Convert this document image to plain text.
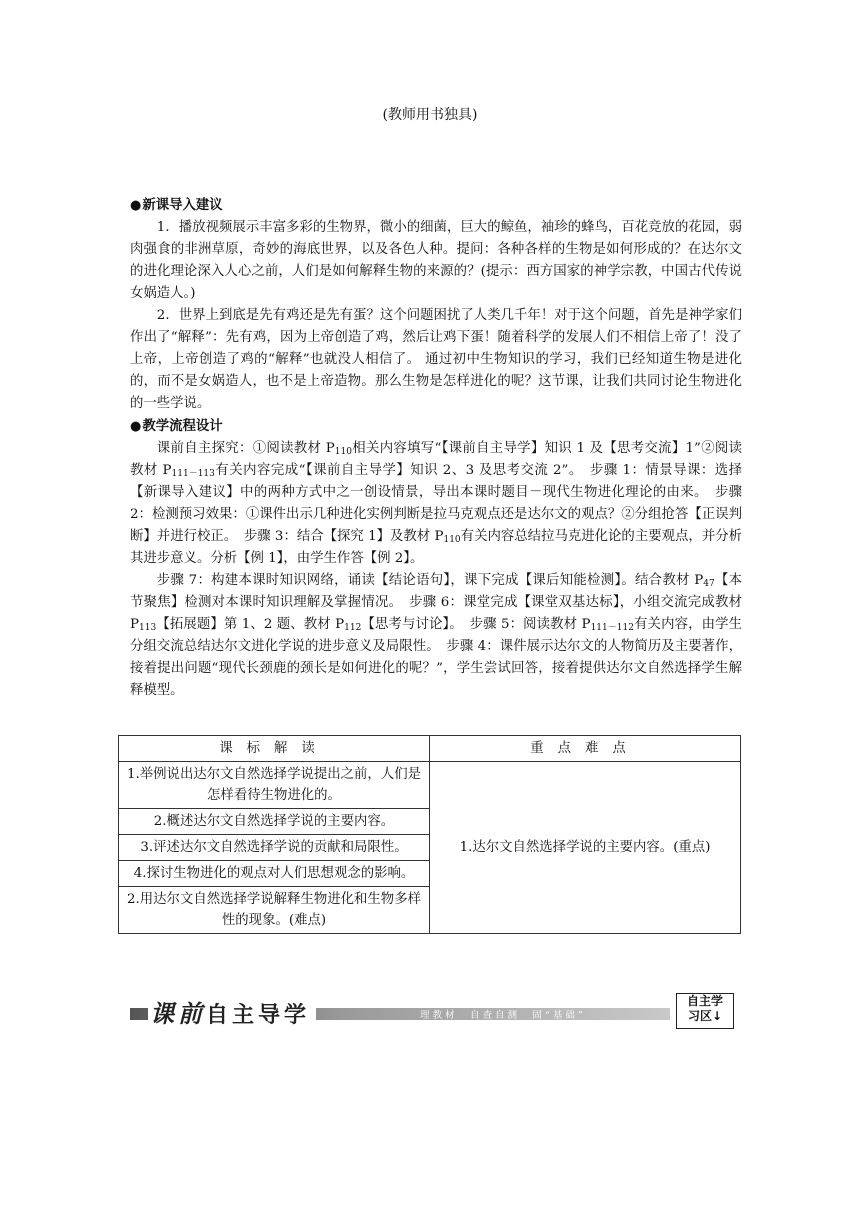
(教师用书独具)
●新课导入建议

1．播放视频展示丰富多彩的生物界，微小的细菌，巨大的鲸鱼，袖珍的蜂鸟，百花竞放的花园，弱肉强食的非洲草原，奇妙的海底世界，以及各色人种。提问：各种各样的生物是如何形成的？在达尔文的进化理论深入人心之前，人们是如何解释生物的来源的？(提示：西方国家的神学宗教，中国古代传说女娲造人。)

2．世界上到底是先有鸡还是先有蛋？这个问题困扰了人类几千年！对于这个问题，首先是神学家们作出了“解释”：先有鸡，因为上帝创造了鸡，然后让鸡下蛋！随着科学的发展人们不相信上帝了！没了上帝，上帝创造了鸡的“解释”也就没人相信了。 通过初中生物知识的学习，我们已经知道生物是进化的，而不是女娲造人，也不是上帝造物。那么生物是怎样进化的呢？这节课，让我们共同讨论生物进化的一些学说。

●教学流程设计

课前自主探究：①阅读教材 $P_{110}$相关内容填写“【课前自主导学】知识 1 及【思考交流】1”②阅读教材 $P_{111-113}$有关内容完成“【课前自主导学】知识 2、3 及思考交流 2”。　步骤 1：情景导课：选择【新课导入建议】中的两种方式中之一创设情景，导出本课时题目－现代生物进化理论的由来。　步骤 2：检测预习效果：①课件出示几种进化实例判断是拉马克观点还是达尔文的观点？②分组抢答【正误判断】并进行校正。　步骤 3：结合【探究 1】及教材 $P_{110}$有关内容总结拉马克进化论的主要观点，并分析其进步意义。分析【例 1】，由学生作答【例 2】。

步骤 7：构建本课时知识网络，诵读【结论语句】，课下完成【课后知能检测】。结合教材 $P_{47}$【本节聚焦】检测对本课时知识理解及掌握情况。　步骤 6：课堂完成【课堂双基达标】，小组交流完成教材 $P_{113}$【拓展题】第 1、2 题、教材 $P_{112}$【思考与讨论】。　步骤 5：阅读教材 $P_{111-112}$有关内容，由学生分组交流总结达尔文进化学说的进步意义及局限性。　步骤 4：课件展示达尔文的人物简历及主要著作，接着提出问题“现代长颈鹿的颈长是如何进化的呢？”，学生尝试回答，接着提供达尔文自然选择学生解释模型。

课标解读	重点难点
1.举例说出达尔文自然选择学说提出之前，人们是怎样看待生物进化的。	1.达尔文自然选择学说的主要内容。(重点)
2.概述达尔文自然选择学说的主要内容。	
3.评述达尔文自然选择学说的贡献和局限性。	
4.探讨生物进化的观点对人们思想观念的影响。	
2.用达尔文自然选择学说解释生物进化和生物多样性的现象。(难点)	
课前自主导学	理教材　自查自测　固“基础”
自主学
习区↓
